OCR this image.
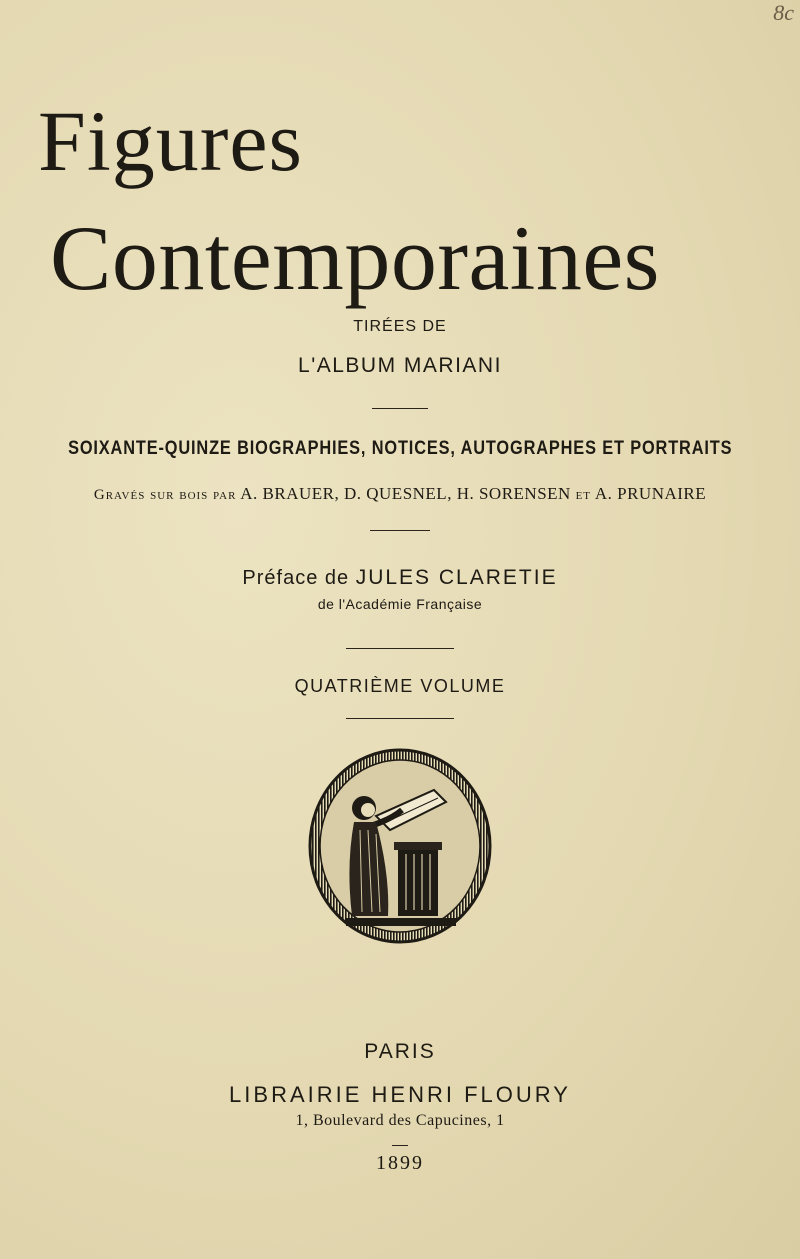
8c
Figures
Contemporaines
TIRÉES DE
L'ALBUM MARIANI
SOIXANTE-QUINZE BIOGRAPHIES, NOTICES, AUTOGRAPHES ET PORTRAITS
Gravés sur bois par A. BRAUER, D. QUESNEL, H. SORENSEN et A. PRUNAIRE
Préface de JULES CLARETIE
de l'Académie Française
QUATRIÈME VOLUME
PARIS
LIBRAIRIE HENRI FLOURY
1, Boulevard des Capucines, 1
1899
